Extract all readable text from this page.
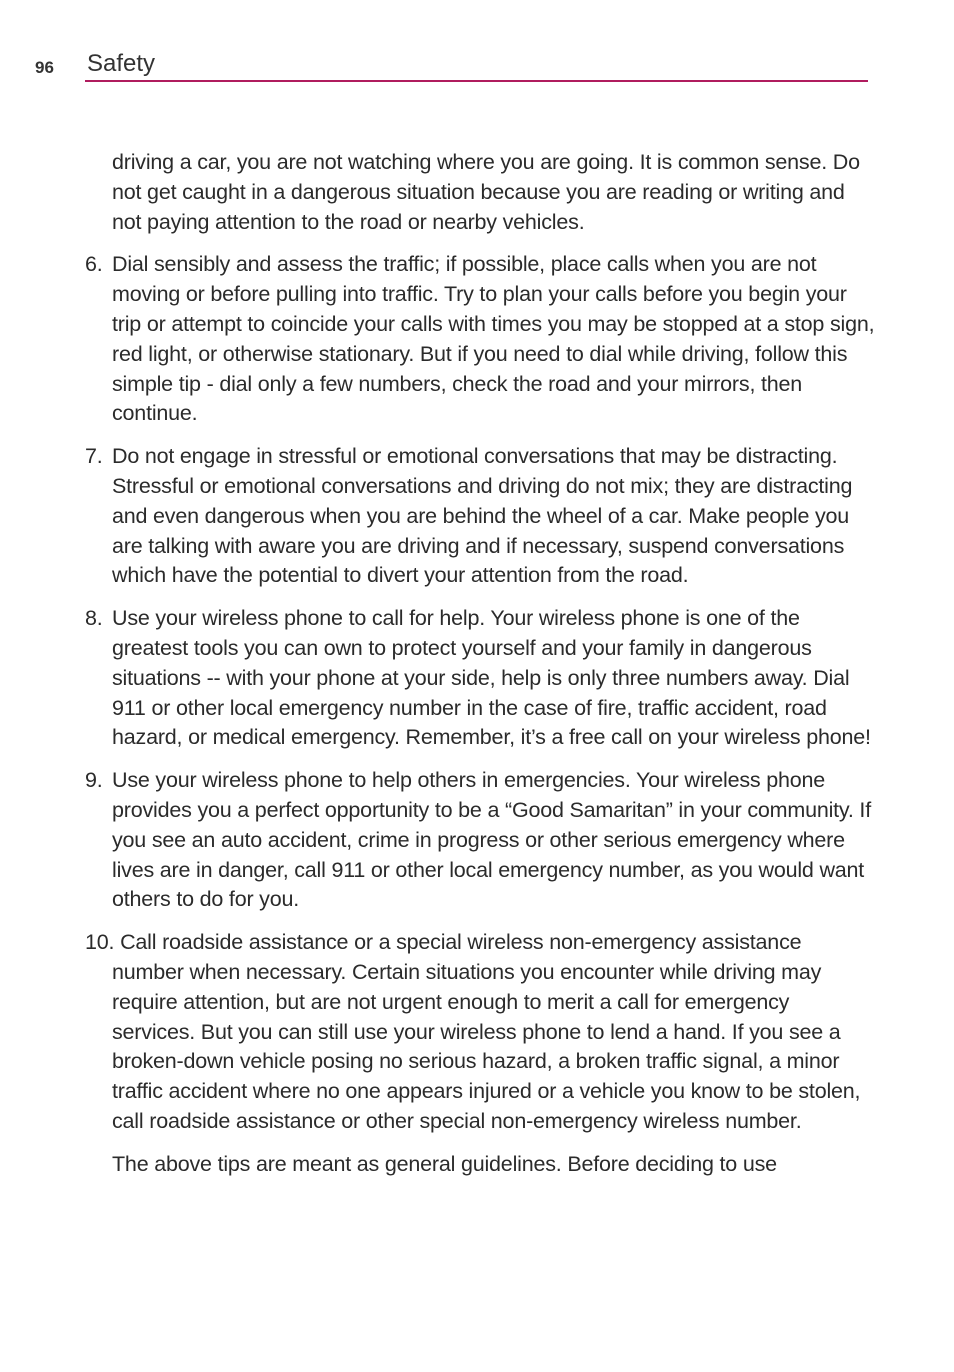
96 Safety

driving a car, you are not watching where you are going. It is common sense. Do not get caught in a dangerous situation because you are reading or writing and not paying attention to the road or nearby vehicles.

6. Dial sensibly and assess the traffic; if possible, place calls when you are not moving or before pulling into traffic. Try to plan your calls before you begin your trip or attempt to coincide your calls with times you may be stopped at a stop sign, red light, or otherwise stationary. But if you need to dial while driving, follow this simple tip - dial only a few numbers, check the road and your mirrors, then continue.
7. Do not engage in stressful or emotional conversations that may be distracting. Stressful or emotional conversations and driving do not mix; they are distracting and even dangerous when you are behind the wheel of a car. Make people you are talking with aware you are driving and if necessary, suspend conversations which have the potential to divert your attention from the road.
8. Use your wireless phone to call for help. Your wireless phone is one of the greatest tools you can own to protect yourself and your family in dangerous situations -- with your phone at your side, help is only three numbers away. Dial 911 or other local emergency number in the case of fire, traffic accident, road hazard, or medical emergency. Remember, it’s a free call on your wireless phone!
9. Use your wireless phone to help others in emergencies. Your wireless phone provides you a perfect opportunity to be a “Good Samaritan” in your community. If you see an auto accident, crime in progress or other serious emergency where lives are in danger, call 911 or other local emergency number, as you would want others to do for you.
10. Call roadside assistance or a special wireless non-emergency assistance
number when necessary. Certain situations you encounter while driving may require attention, but are not urgent enough to merit a call for emergency services. But you can still use your wireless phone to lend a hand. If you see a broken-down vehicle posing no serious hazard, a broken traffic signal, a minor traffic accident where no one appears injured or a vehicle you know to be stolen, call roadside assistance or other special non-emergency wireless number.

The above tips are meant as general guidelines. Before deciding to use
